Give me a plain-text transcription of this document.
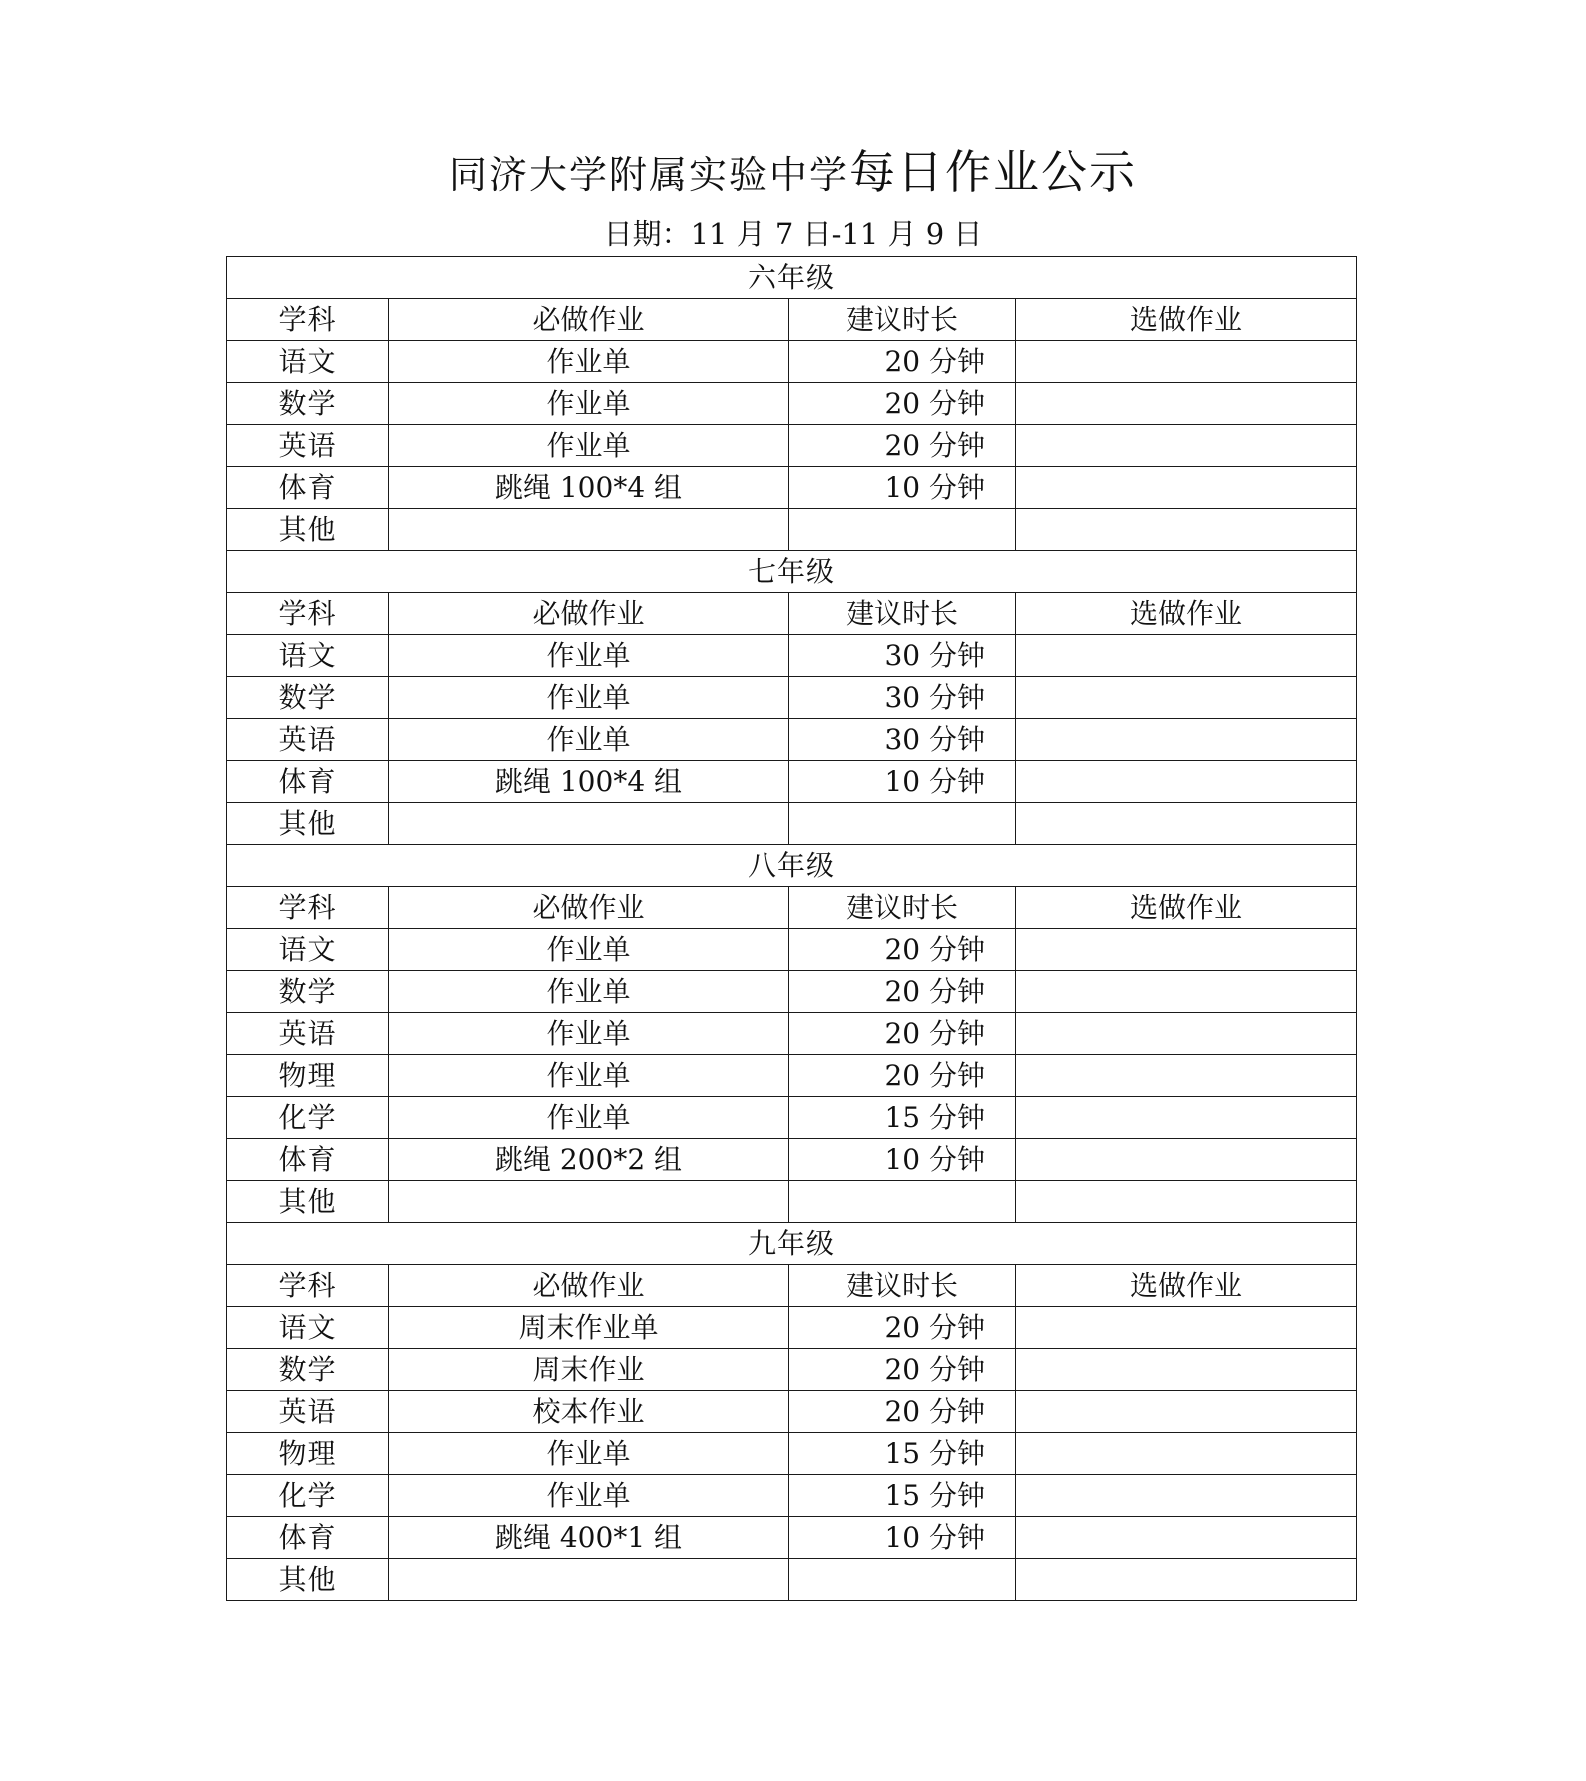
同济大学附属实验中学每日作业公示
日期：11 月 7 日-11 月 9 日
六年级			
学科	必做作业	建议时长	选做作业
语文	作业单	20 分钟	
数学	作业单	20 分钟	
英语	作业单	20 分钟	
体育	跳绳 100*4 组	10 分钟	
其他			
七年级			
学科	必做作业	建议时长	选做作业
语文	作业单	30 分钟	
数学	作业单	30 分钟	
英语	作业单	30 分钟	
体育	跳绳 100*4 组	10 分钟	
其他			
八年级			
学科	必做作业	建议时长	选做作业
语文	作业单	20 分钟	
数学	作业单	20 分钟	
英语	作业单	20 分钟	
物理	作业单	20 分钟	
化学	作业单	15 分钟	
体育	跳绳 200*2 组	10 分钟	
其他			
九年级			
学科	必做作业	建议时长	选做作业
语文	周末作业单	20 分钟	
数学	周末作业	20 分钟	
英语	校本作业	20 分钟	
物理	作业单	15 分钟	
化学	作业单	15 分钟	
体育	跳绳 400*1 组	10 分钟	
其他			
